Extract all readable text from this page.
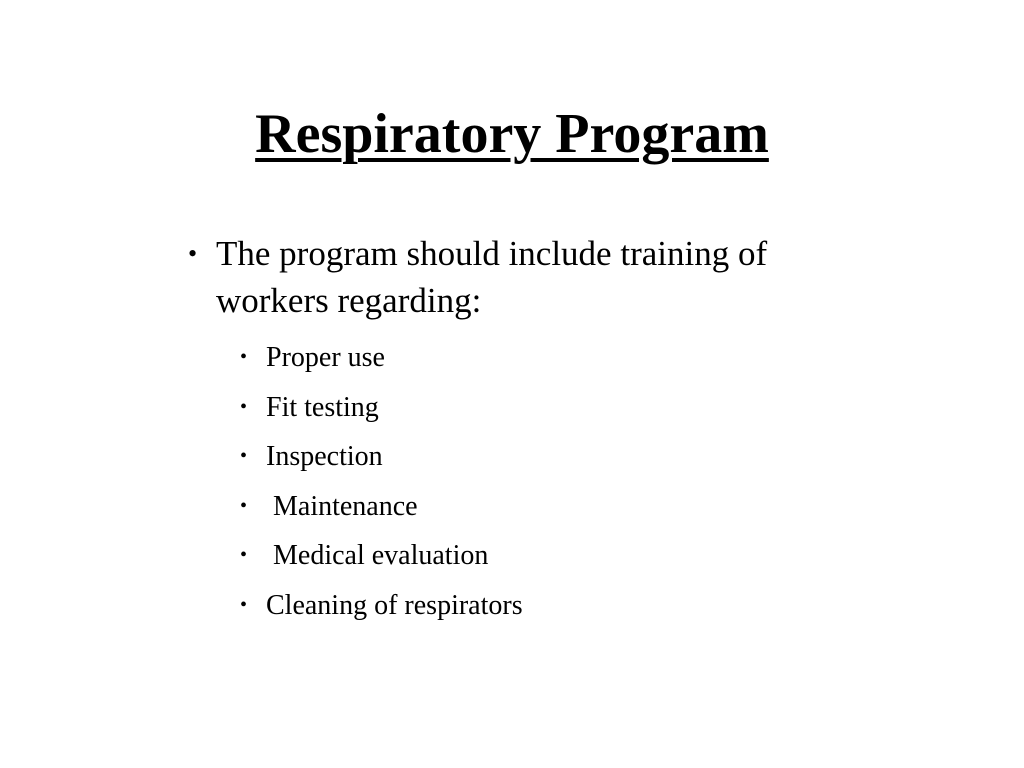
Respiratory Program
• The program should include training of workers regarding:
• Proper use
• Fit testing
• Inspection
• Maintenance
• Medical evaluation
• Cleaning of respirators
